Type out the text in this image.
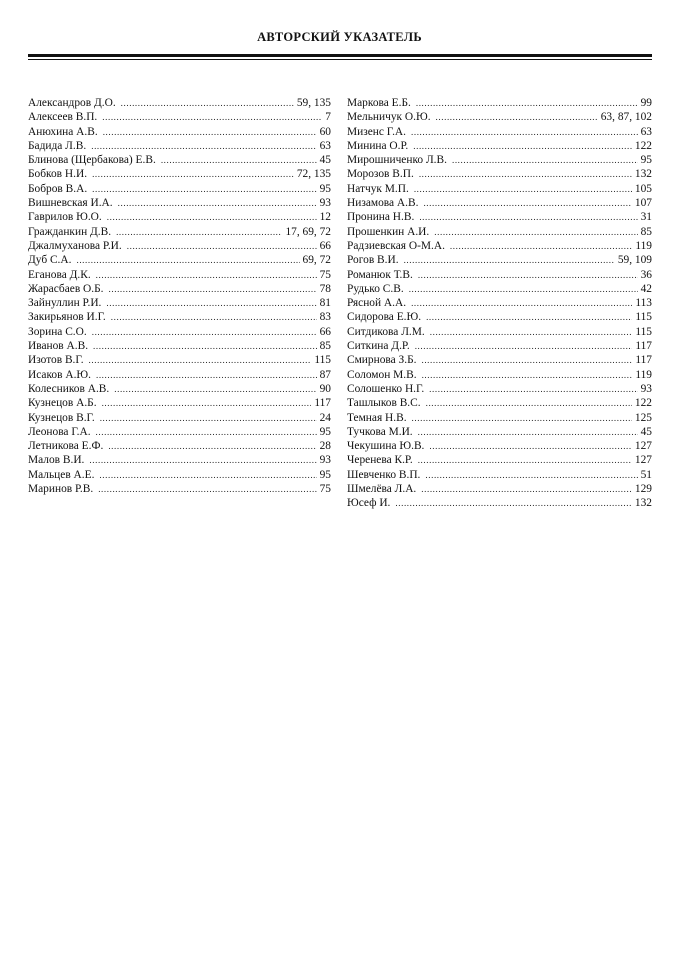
АВТОРСКИЙ УКАЗАТЕЛЬ
Александров Д.О. .....	59, 135
Алексеев В.П. .....	7
Анюхина А.В. .....	60
Бадида Л.В. .....	63
Блинова (Щербакова) Е.В. .....	45
Бобков Н.И. .....	72, 135
Бобров В.А. .....	95
Вишневская И.А. .....	93
Гаврилов Ю.О. .....	12
Гражданкин Д.В. .....	17, 69, 72
Джалмуханова Р.И. .....	66
Дуб С.А. .....	69, 72
Еганова Д.К. .....	75
Жарасбаев О.Б. .....	78
Зайнуллин Р.И. .....	81
Закирьянов И.Г. .....	83
Зорина С.О. .....	66
Иванов А.В. .....	85
Изотов В.Г. .....	115
Исаков А.Ю. .....	87
Колесников А.В. .....	90
Кузнецов А.Б. .....	117
Кузнецов В.Г. .....	24
Леонова Г.А. .....	95
Летникова Е.Ф. .....	28
Малов В.И. .....	93
Мальцев А.Е. .....	95
Маринов Р.В. .....	75
Маркова Е.Б. .....	99
Мельничук О.Ю. .....	63, 87, 102
Мизенс Г.А. .....	63
Минина О.Р. .....	122
Мирошниченко Л.В. .....	95
Морозов В.П. .....	132
Натчук М.П. .....	105
Низамова А.В. .....	107
Пронина Н.В. .....	31
Прошенкин А.И. .....	85
Радзиевская О-М.А. .....	119
Рогов В.И. .....	59, 109
Романюк Т.В. .....	36
Рудько С.В. .....	42
Рясной А.А. .....	113
Сидорова Е.Ю. .....	115
Ситдикова Л.М. .....	115
Ситкина Д.Р. .....	117
Смирнова З.Б. .....	117
Соломон М.В. .....	119
Солошенко Н.Г. .....	93
Ташлыков В.С. .....	122
Темная Н.В. .....	125
Тучкова М.И. .....	45
Чекушина Ю.В. .....	127
Черенева К.Р. .....	127
Шевченко В.П. .....	51
Шмелёва Л.А. .....	129
Юсеф И. .....	132
